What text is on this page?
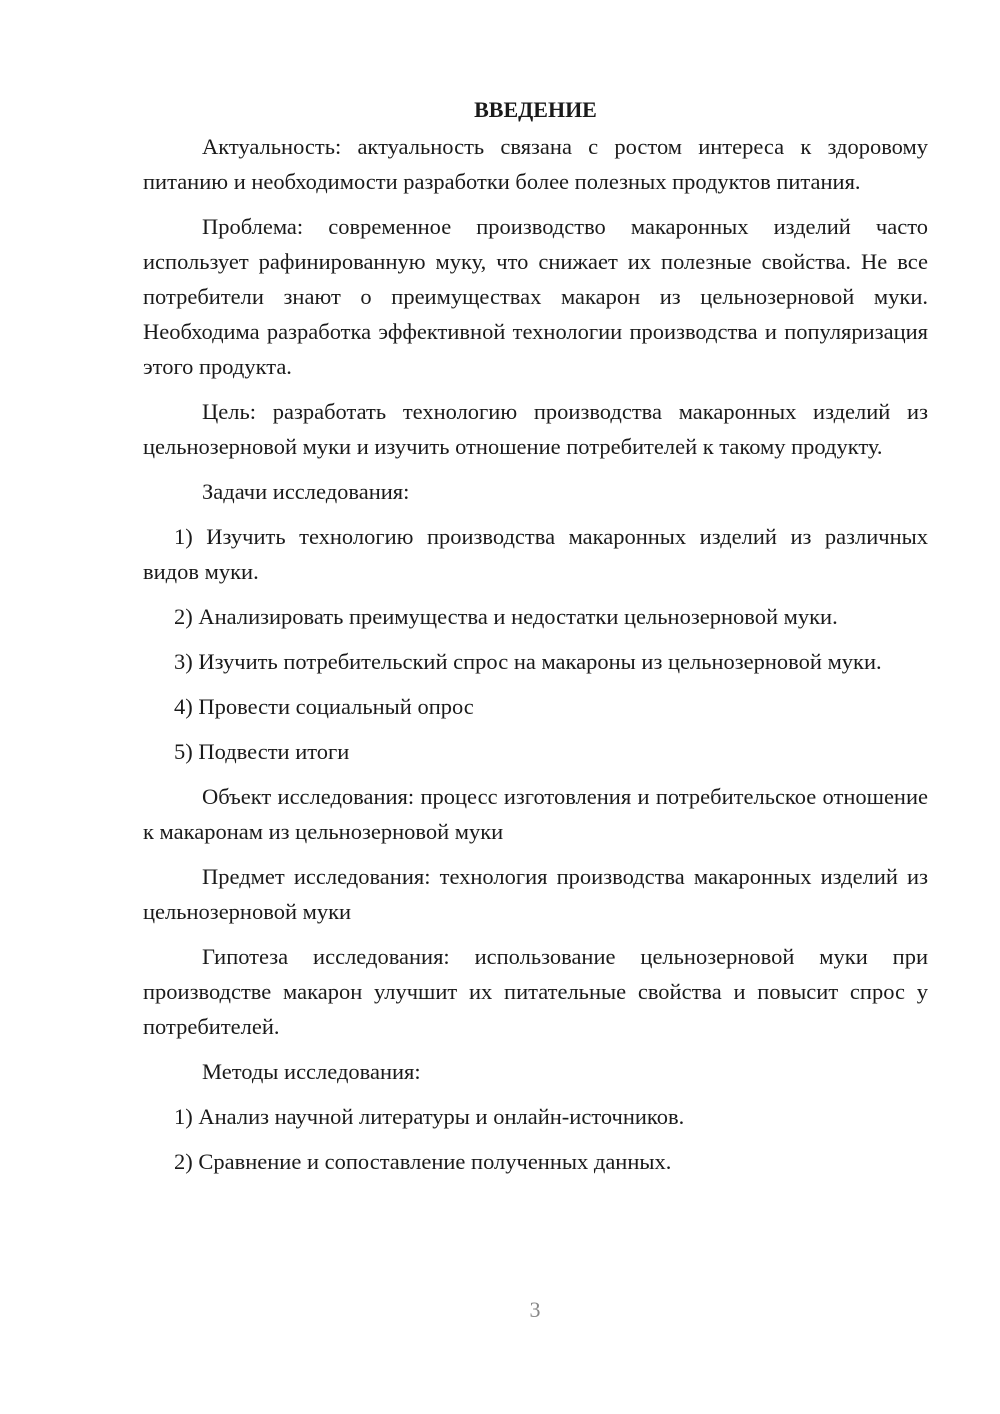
ВВЕДЕНИЕ

Актуальность: актуальность связана с ростом интереса к здоровому питанию и необходимости разработки более полезных продуктов питания.

Проблема: современное производство макаронных изделий часто использует рафинированную муку, что снижает их полезные свойства. Не все потребители знают о преимуществах макарон из цельнозерновой муки. Необходима разработка эффективной технологии производства и популяризация этого продукта.

Цель: разработать технологию производства макаронных изделий из цельнозерновой муки и изучить отношение потребителей к такому продукту.

Задачи исследования:

1) Изучить технологию производства макаронных изделий из различных видов муки.

2) Анализировать преимущества и недостатки цельнозерновой муки.

3) Изучить потребительский спрос на макароны из цельнозерновой муки.

4) Провести социальный опрос

5) Подвести итоги

Объект исследования: процесс изготовления и потребительское отношение к макаронам из цельнозерновой муки

Предмет исследования: технология производства макаронных изделий из цельнозерновой муки

Гипотеза исследования: использование цельнозерновой муки при производстве макарон улучшит их питательные свойства и повысит спрос у потребителей.

Методы исследования:

1) Анализ научной литературы и онлайн-источников.

2) Сравнение и сопоставление полученных данных.

3
